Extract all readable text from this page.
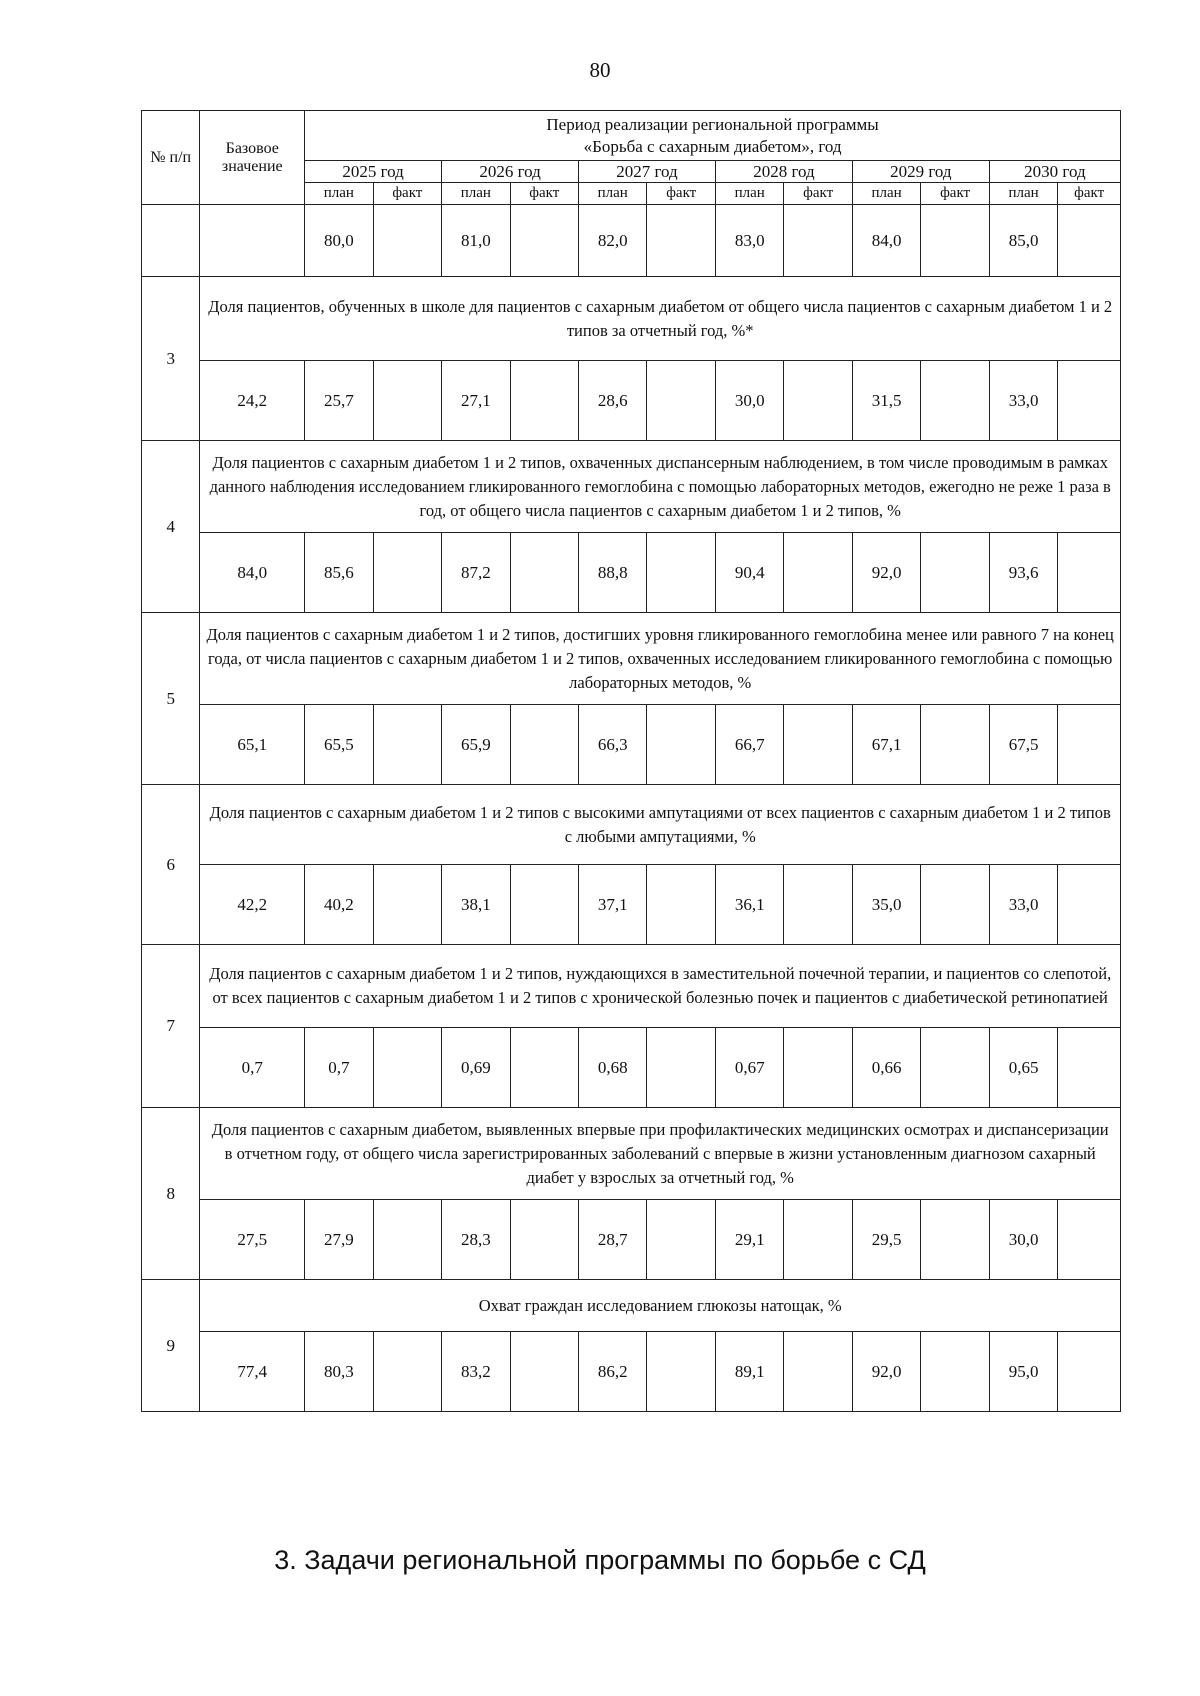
80
№ п/п	Базовое значение	Период реализации региональной программы
«Борьба с сахарным диабетом», год											

		2025 год		2026 год		2027 год		2028 год		2029 год		2030 год	
		план	факт	план	факт	план	факт	план	факт	план	факт	план	факт
		80,0		81,0		82,0		83,0		84,0		85,0	
3	Доля пациентов, обученных в школе для пациентов с сахарным диабетом от общего числа пациентов с сахарным диабетом 1 и 2 типов за отчетный год, %*												
	24,2	25,7		27,1		28,6		30,0		31,5		33,0	
4	Доля пациентов с сахарным диабетом 1 и 2 типов, охваченных диспансерным наблюдением, в том числе проводимым в рамках данного наблюдения исследованием гликированного гемоглобина с помощью лабораторных методов, ежегодно не реже 1 раза в год, от общего числа пациентов с сахарным диабетом 1 и 2 типов, %												
	84,0	85,6		87,2		88,8		90,4		92,0		93,6	
5	Доля пациентов с сахарным диабетом 1 и 2 типов, достигших уровня гликированного гемоглобина менее или равного 7 на конец года, от числа пациентов с сахарным диабетом 1 и 2 типов, охваченных исследованием гликированного гемоглобина с помощью лабораторных методов, %												
	65,1	65,5		65,9		66,3		66,7		67,1		67,5	
6	Доля пациентов с сахарным диабетом 1 и 2 типов с высокими ампутациями от всех пациентов с сахарным диабетом 1 и 2 типов с любыми ампутациями, %												
	42,2	40,2		38,1		37,1		36,1		35,0		33,0	
7	Доля пациентов с сахарным диабетом 1 и 2 типов, нуждающихся в заместительной почечной терапии, и пациентов со слепотой, от всех пациентов с сахарным диабетом 1 и 2 типов с хронической болезнью почек и пациентов с диабетической ретинопатией												
	0,7	0,7		0,69		0,68		0,67		0,66		0,65	
8	Доля пациентов с сахарным диабетом, выявленных впервые при профилактических медицинских осмотрах и диспансеризации в отчетном году, от общего числа зарегистрированных заболеваний с впервые в жизни установленным диагнозом сахарный диабет у взрослых за отчетный год, %												
	27,5	27,9		28,3		28,7		29,1		29,5		30,0	
9	Охват граждан исследованием глюкозы натощак, %												
	77,4	80,3		83,2		86,2		89,1		92,0		95,0	
3. Задачи региональной программы по борьбе с СД
